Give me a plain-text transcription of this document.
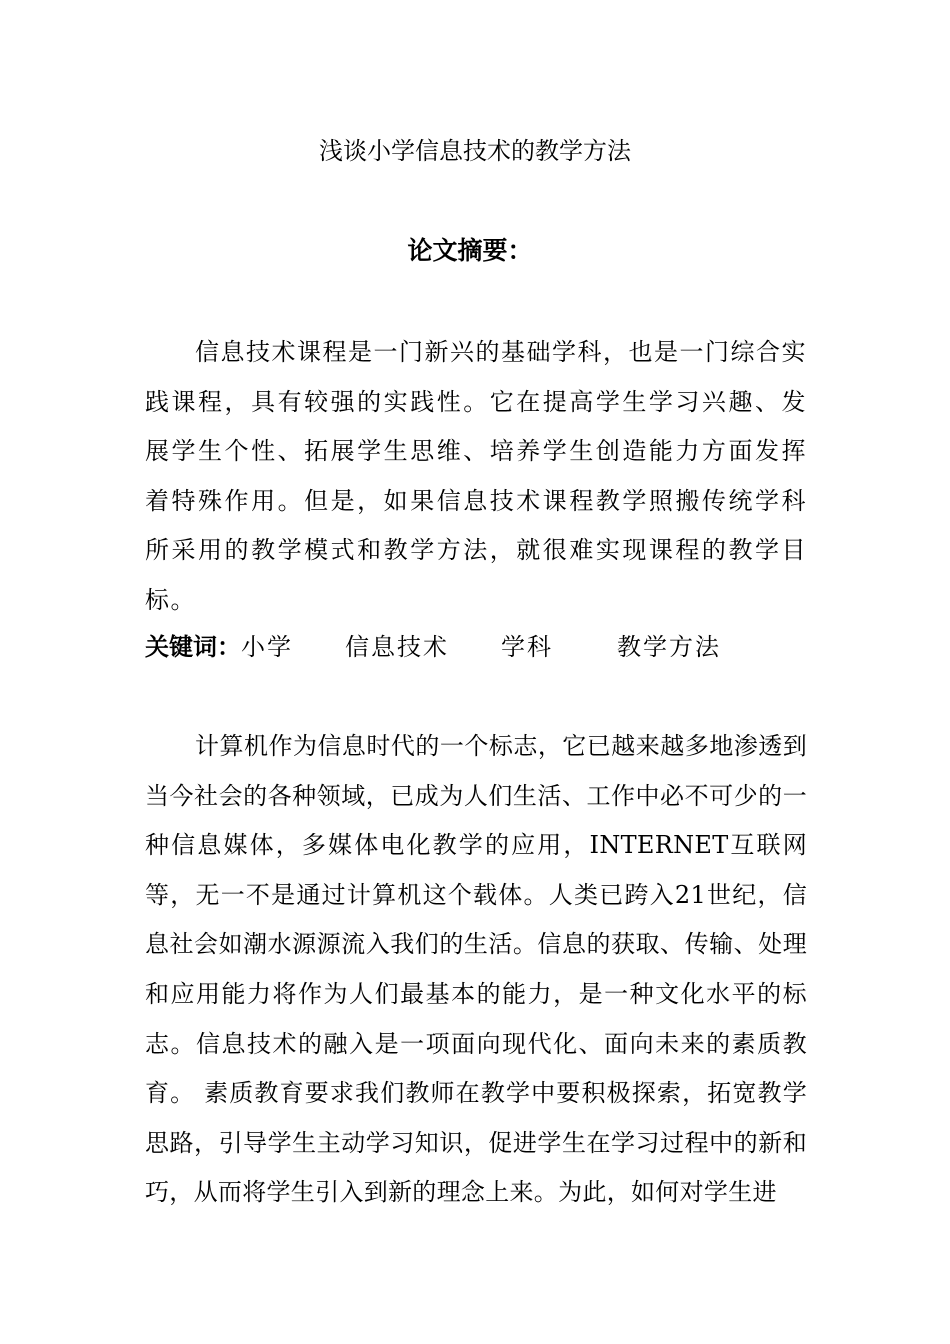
浅谈小学信息技术的教学方法
论文摘要：

信息技术课程是一门新兴的基础学科，也是一门综合实践课程，具有较强的实践性。它在提高学生学习兴趣、发展学生个性、拓展学生思维、培养学生创造能力方面发挥着特殊作用。但是，如果信息技术课程教学照搬传统学科所采用的教学模式和教学方法，就很难实现课程的教学目标。

关键词：小学 信息技术 学科	教学方法

计算机作为信息时代的一个标志，它已越来越多地渗透到当今社会的各种领域，已成为人们生活、工作中必不可少的一种信息媒体，多媒体电化教学的应用，INTERNET互联网等，无一不是通过计算机这个载体。人类已跨入21世纪，信息社会如潮水源源流入我们的生活。信息的获取、传输、处理和应用能力将作为人们最基本的能力，是一种文化水平的标志。信息技术的融入是一项面向现代化、面向未来的素质教育。 素质教育要求我们教师在教学中要积极探索，拓宽教学思路，引导学生主动学习知识，促进学生在学习过程中的新和巧，从而将学生引入到新的理念上来。为此，如何对学生进
